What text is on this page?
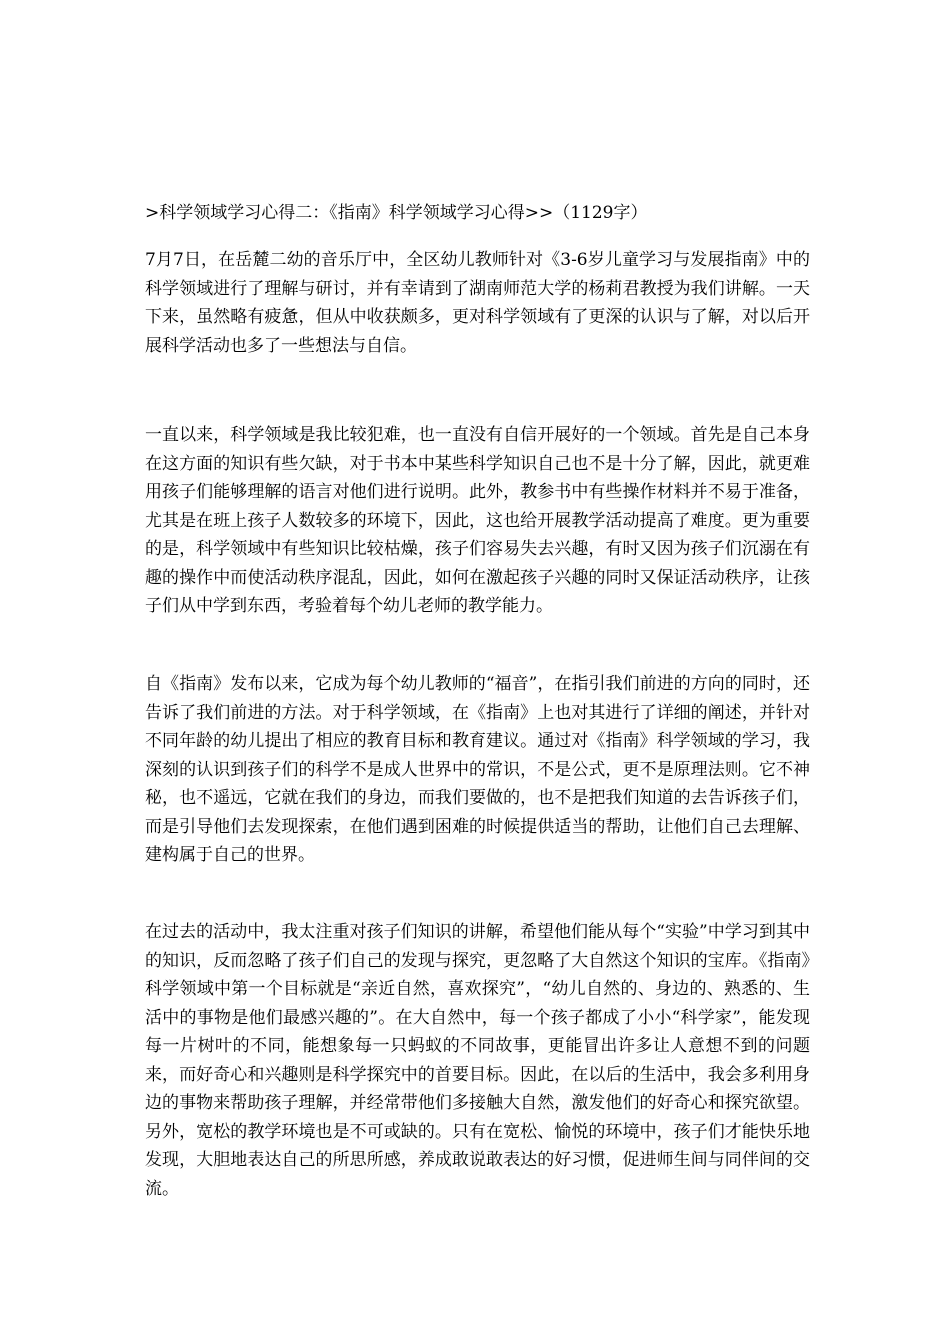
>科学领域学习心得二：《指南》科学领域学习心得>>（1129字）

7月7日，在岳麓二幼的音乐厅中，全区幼儿教师针对《3-6岁儿童学习与发展指南》中的科学领域进行了理解与研讨，并有幸请到了湖南师范大学的杨莉君教授为我们讲解。一天下来，虽然略有疲惫，但从中收获颇多，更对科学领域有了更深的认识与了解，对以后开展科学活动也多了一些想法与自信。

一直以来，科学领域是我比较犯难，也一直没有自信开展好的一个领域。首先是自己本身在这方面的知识有些欠缺，对于书本中某些科学知识自己也不是十分了解，因此，就更难用孩子们能够理解的语言对他们进行说明。此外，教参书中有些操作材料并不易于准备，尤其是在班上孩子人数较多的环境下，因此，这也给开展教学活动提高了难度。更为重要的是，科学领域中有些知识比较枯燥，孩子们容易失去兴趣，有时又因为孩子们沉溺在有趣的操作中而使活动秩序混乱，因此，如何在激起孩子兴趣的同时又保证活动秩序，让孩子们从中学到东西，考验着每个幼儿老师的教学能力。

自《指南》发布以来，它成为每个幼儿教师的“福音”，在指引我们前进的方向的同时，还告诉了我们前进的方法。对于科学领域，在《指南》上也对其进行了详细的阐述，并针对不同年龄的幼儿提出了相应的教育目标和教育建议。通过对《指南》科学领域的学习，我深刻的认识到孩子们的科学不是成人世界中的常识，不是公式，更不是原理法则。它不神秘，也不遥远，它就在我们的身边，而我们要做的，也不是把我们知道的去告诉孩子们，而是引导他们去发现探索，在他们遇到困难的时候提供适当的帮助，让他们自己去理解、建构属于自己的世界。

在过去的活动中，我太注重对孩子们知识的讲解，希望他们能从每个“实验”中学习到其中的知识，反而忽略了孩子们自己的发现与探究，更忽略了大自然这个知识的宝库。《指南》科学领域中第一个目标就是“亲近自然，喜欢探究”，“幼儿自然的、身边的、熟悉的、生活中的事物是他们最感兴趣的”。在大自然中，每一个孩子都成了小小“科学家”，能发现每一片树叶的不同，能想象每一只蚂蚁的不同故事，更能冒出许多让人意想不到的问题来，而好奇心和兴趣则是科学探究中的首要目标。因此，在以后的生活中，我会多利用身边的事物来帮助孩子理解，并经常带他们多接触大自然，激发他们的好奇心和探究欲望。另外，宽松的教学环境也是不可或缺的。只有在宽松、愉悦的环境中，孩子们才能快乐地发现，大胆地表达自己的所思所感，养成敢说敢表达的好习惯，促进师生间与同伴间的交流。
